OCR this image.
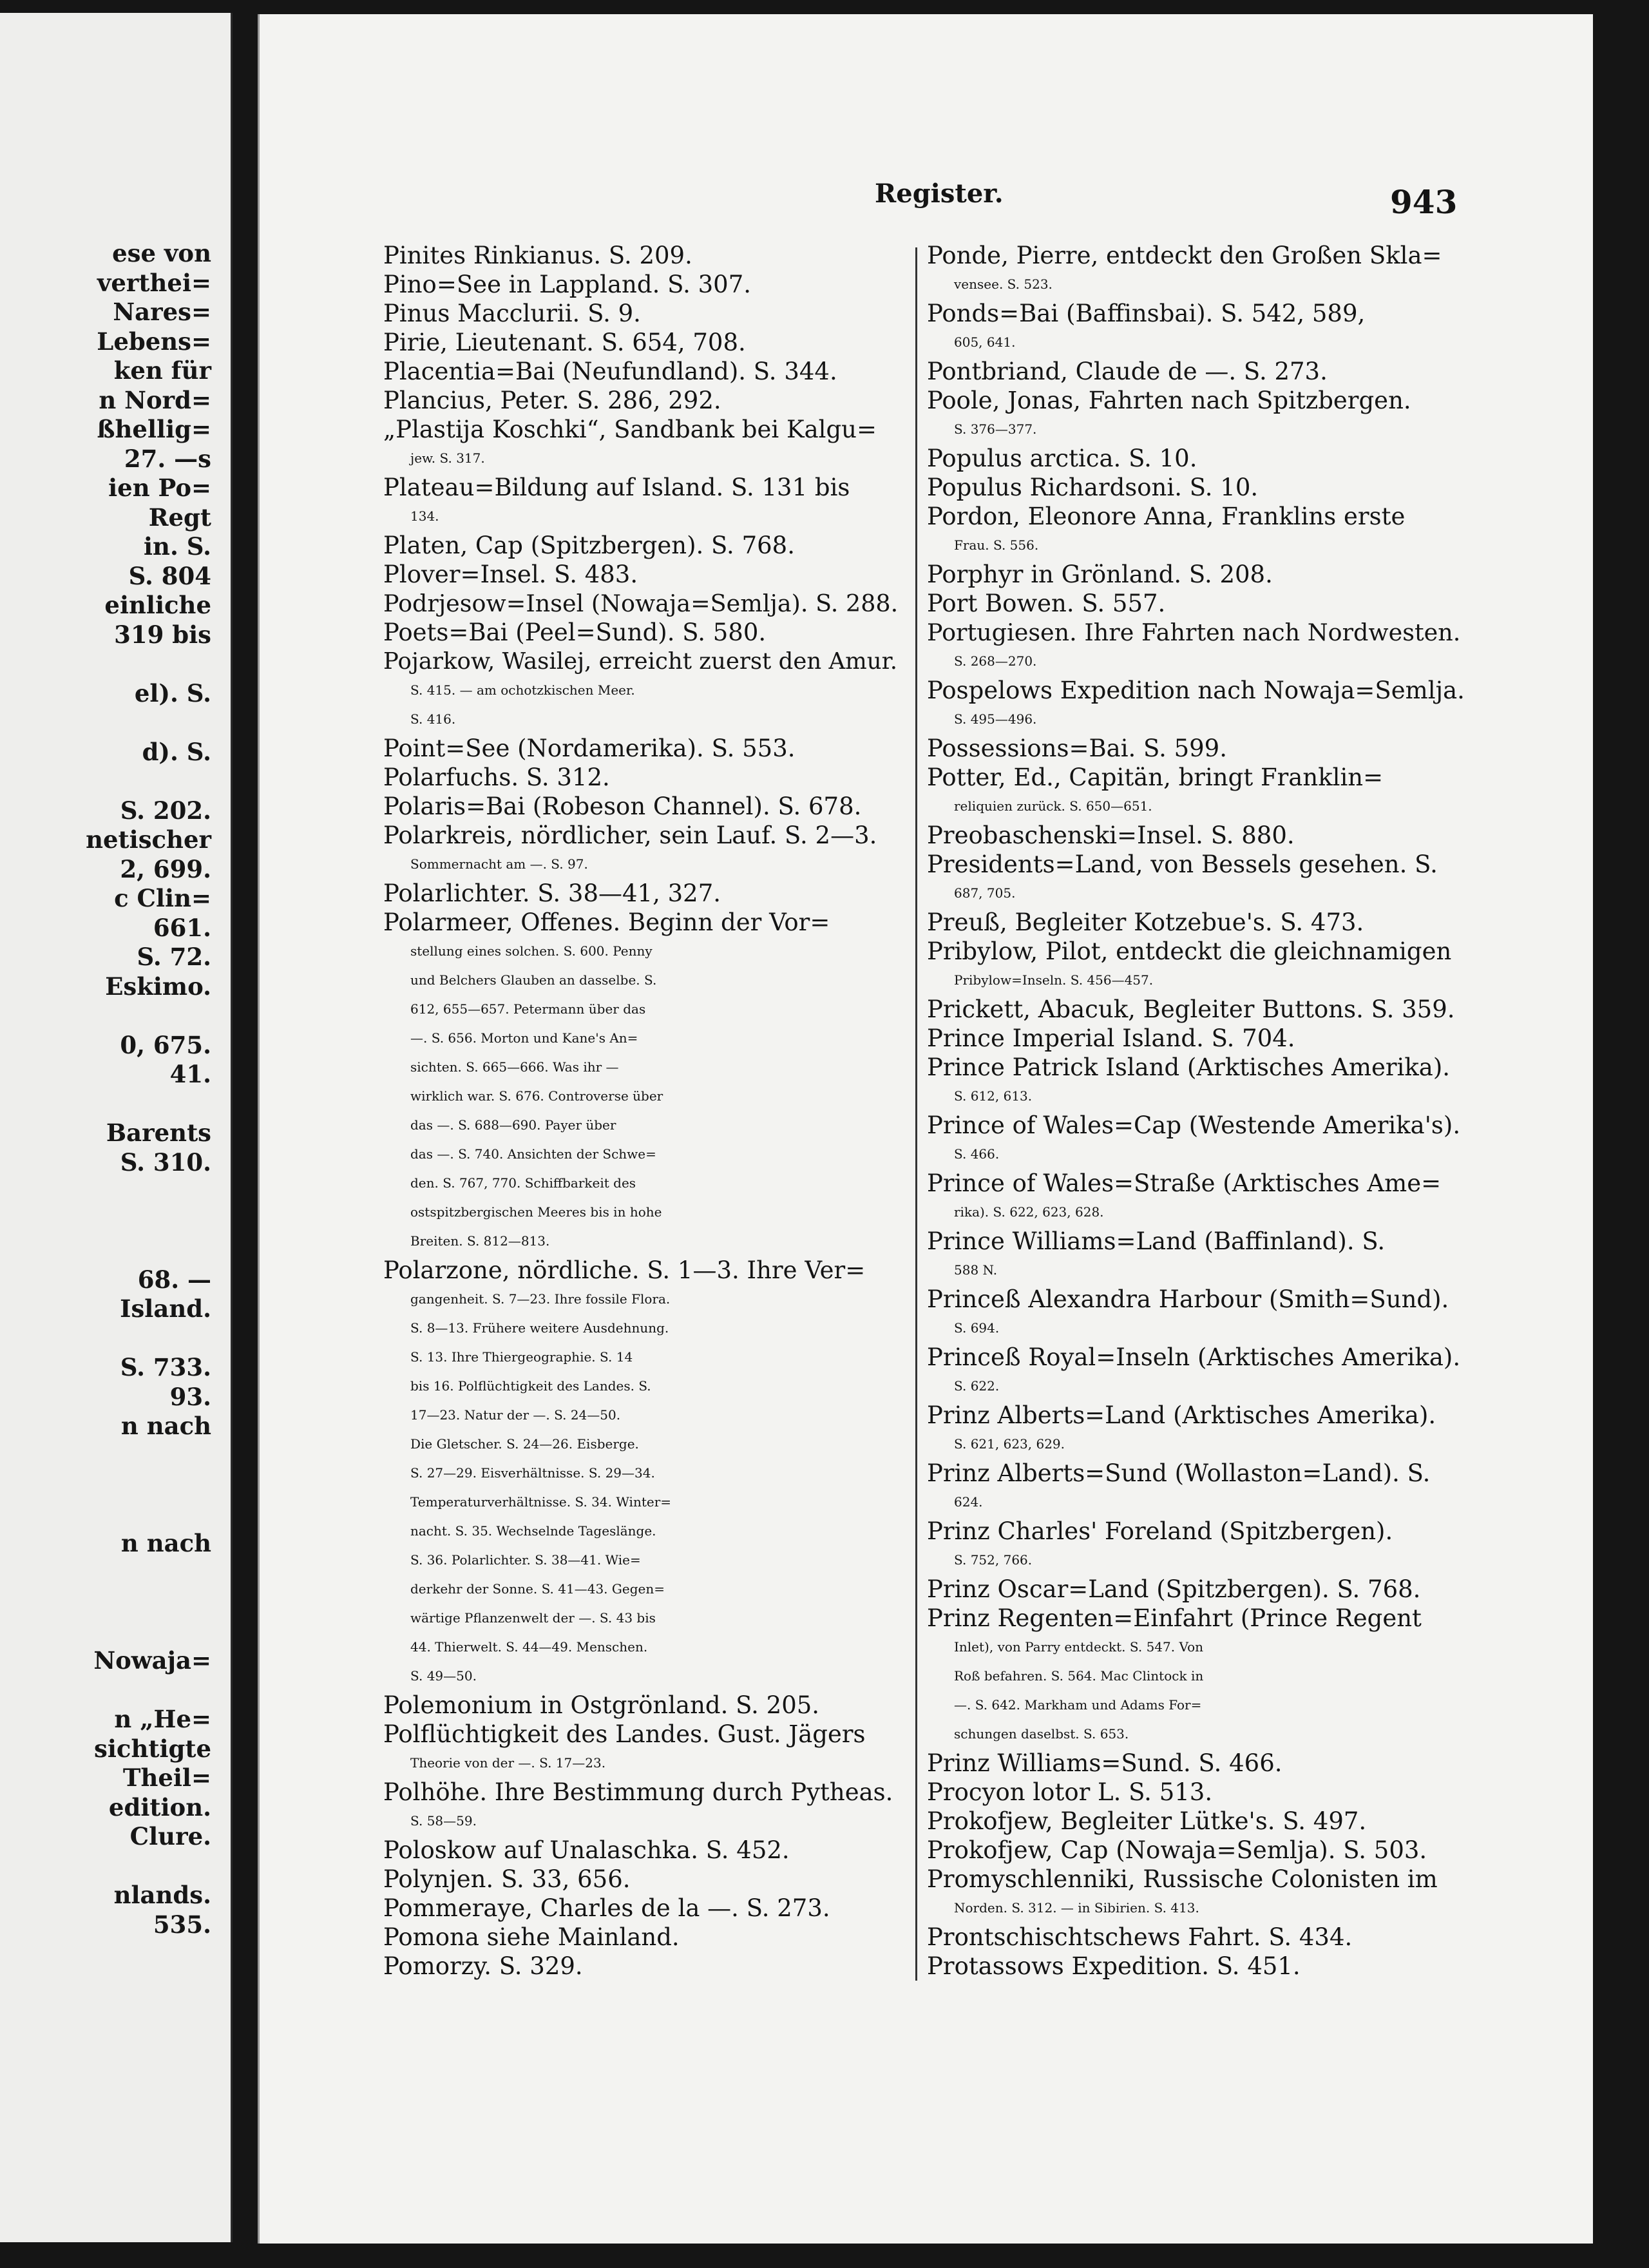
ese von
verthei=
Nares=
Lebens=
ken für
n Nord=
ßhellig=
27. —s
ien Po=
Regt
in. S.
S. 804
einliche
319 bis
el). S.
d). S.
S. 202.
netischer
2, 699.
c Clin=
661.
S. 72.
Eskimo.
0, 675.
41.
Barents
S. 310.
68. —
Island.
S. 733.
93.
n nach
n nach
Nowaja=
n „He=
sichtigte
Theil=
edition.
Clure.
nlands.
535.
Register.	943
Pinites Rinkianus. S. 209.
Pino=See in Lappland. S. 307.
Pinus Macclurii. S. 9.
Pirie, Lieutenant. S. 654, 708.
Placentia=Bai (Neufundland). S. 344.
Plancius, Peter. S. 286, 292.
„Plastija Koschki“, Sandbank bei Kalgu=
jew. S. 317.
Plateau=Bildung auf Island. S. 131 bis
134.
Platen, Cap (Spitzbergen). S. 768.
Plover=Insel. S. 483.
Podrjesow=Insel (Nowaja=Semlja). S. 288.
Poets=Bai (Peel=Sund). S. 580.
Pojarkow, Wasilej, erreicht zuerst den Amur.
S. 415. — am ochotzkischen Meer.
S. 416.
Point=See (Nordamerika). S. 553.
Polarfuchs. S. 312.
Polaris=Bai (Robeson Channel). S. 678.
Polarkreis, nördlicher, sein Lauf. S. 2—3.
Sommernacht am —. S. 97.
Polarlichter. S. 38—41, 327.
Polarmeer, Offenes. Beginn der Vor=
stellung eines solchen. S. 600. Penny
und Belchers Glauben an dasselbe. S.
612, 655—657. Petermann über das
—. S. 656. Morton und Kane's An=
sichten. S. 665—666. Was ihr —
wirklich war. S. 676. Controverse über
das —. S. 688—690. Payer über
das —. S. 740. Ansichten der Schwe=
den. S. 767, 770. Schiffbarkeit des
ostspitzbergischen Meeres bis in hohe
Breiten. S. 812—813.
Polarzone, nördliche. S. 1—3. Ihre Ver=
gangenheit. S. 7—23. Ihre fossile Flora.
S. 8—13. Frühere weitere Ausdehnung.
S. 13. Ihre Thiergeographie. S. 14
bis 16. Polflüchtigkeit des Landes. S.
17—23. Natur der —. S. 24—50.
Die Gletscher. S. 24—26. Eisberge.
S. 27—29. Eisverhältnisse. S. 29—34.
Temperaturverhältnisse. S. 34. Winter=
nacht. S. 35. Wechselnde Tageslänge.
S. 36. Polarlichter. S. 38—41. Wie=
derkehr der Sonne. S. 41—43. Gegen=
wärtige Pflanzenwelt der —. S. 43 bis
44. Thierwelt. S. 44—49. Menschen.
S. 49—50.
Polemonium in Ostgrönland. S. 205.
Polflüchtigkeit des Landes. Gust. Jägers
Theorie von der —. S. 17—23.
Polhöhe. Ihre Bestimmung durch Pytheas.
S. 58—59.
Poloskow auf Unalaschka. S. 452.
Polynjen. S. 33, 656.
Pommeraye, Charles de la —. S. 273.
Pomona siehe Mainland.
Pomorzy. S. 329.
Ponde, Pierre, entdeckt den Großen Skla=
vensee. S. 523.
Ponds=Bai (Baffinsbai). S. 542, 589,
605, 641.
Pontbriand, Claude de —. S. 273.
Poole, Jonas, Fahrten nach Spitzbergen.
S. 376—377.
Populus arctica. S. 10.
Populus Richardsoni. S. 10.
Pordon, Eleonore Anna, Franklins erste
Frau. S. 556.
Porphyr in Grönland. S. 208.
Port Bowen. S. 557.
Portugiesen. Ihre Fahrten nach Nordwesten.
S. 268—270.
Pospelows Expedition nach Nowaja=Semlja.
S. 495—496.
Possessions=Bai. S. 599.
Potter, Ed., Capitän, bringt Franklin=
reliquien zurück. S. 650—651.
Preobaschenski=Insel. S. 880.
Presidents=Land, von Bessels gesehen. S.
687, 705.
Preuß, Begleiter Kotzebue's. S. 473.
Pribylow, Pilot, entdeckt die gleichnamigen
Pribylow=Inseln. S. 456—457.
Prickett, Abacuk, Begleiter Buttons. S. 359.
Prince Imperial Island. S. 704.
Prince Patrick Island (Arktisches Amerika).
S. 612, 613.
Prince of Wales=Cap (Westende Amerika's).
S. 466.
Prince of Wales=Straße (Arktisches Ame=
rika). S. 622, 623, 628.
Prince Williams=Land (Baffinland). S.
588 N.
Princeß Alexandra Harbour (Smith=Sund).
S. 694.
Princeß Royal=Inseln (Arktisches Amerika).
S. 622.
Prinz Alberts=Land (Arktisches Amerika).
S. 621, 623, 629.
Prinz Alberts=Sund (Wollaston=Land). S.
624.
Prinz Charles' Foreland (Spitzbergen).
S. 752, 766.
Prinz Oscar=Land (Spitzbergen). S. 768.
Prinz Regenten=Einfahrt (Prince Regent
Inlet), von Parry entdeckt. S. 547. Von
Roß befahren. S. 564. Mac Clintock in
—. S. 642. Markham und Adams For=
schungen daselbst. S. 653.
Prinz Williams=Sund. S. 466.
Procyon lotor L. S. 513.
Prokofjew, Begleiter Lütke's. S. 497.
Prokofjew, Cap (Nowaja=Semlja). S. 503.
Promyschlenniki, Russische Colonisten im
Norden. S. 312. — in Sibirien. S. 413.
Prontschischtschews Fahrt. S. 434.
Protassows Expedition. S. 451.
